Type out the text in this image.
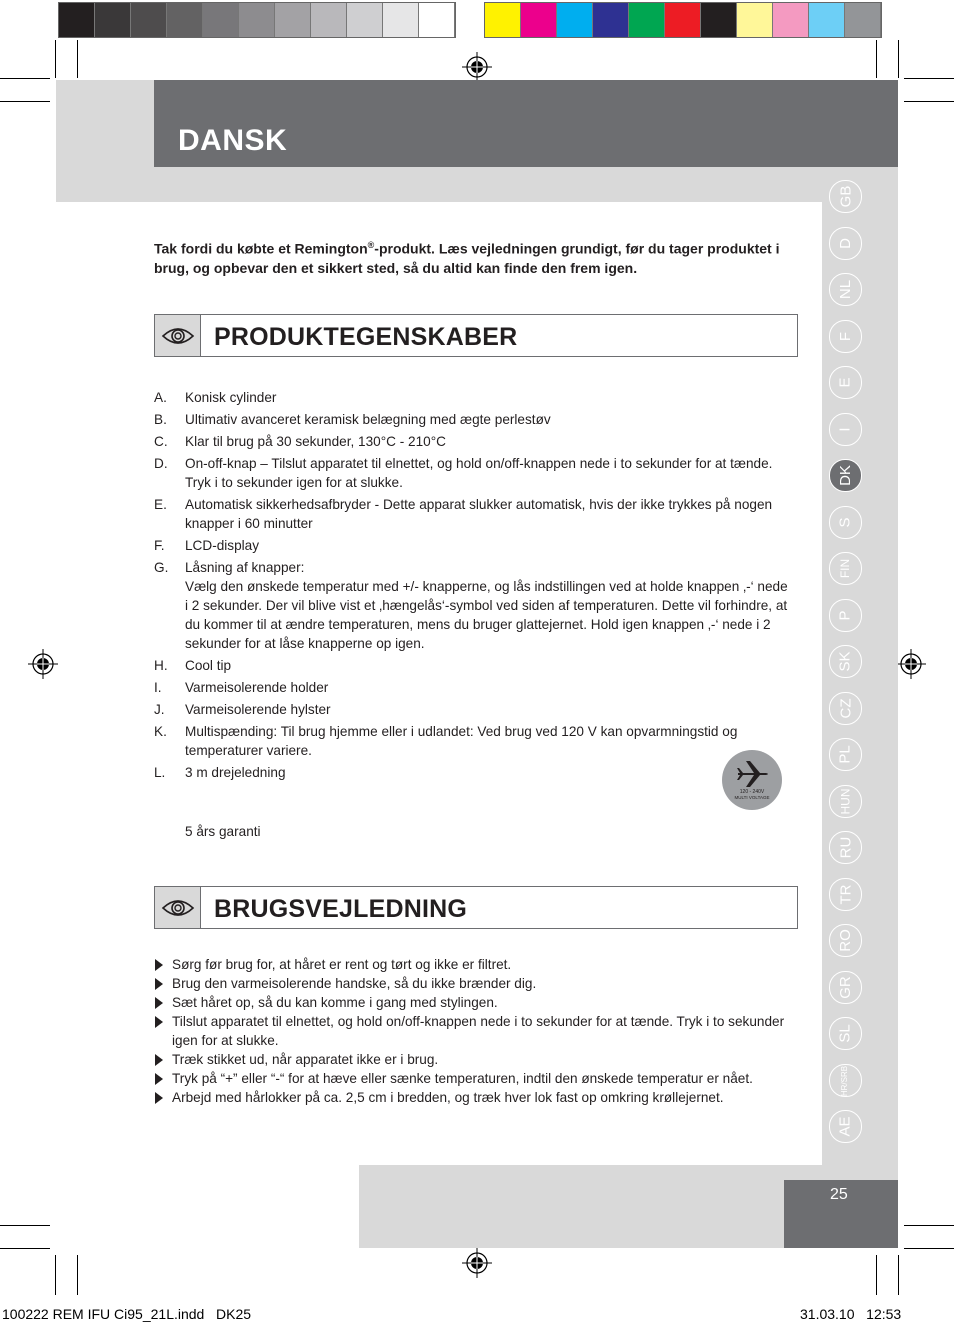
DANSK
Tak fordi du købte et Remington®-produkt. Læs vejledningen grundigt, før du tager produktet i brug, og opbevar den et sikkert sted, så du altid kan finde den frem igen.
PRODUKTEGENSKABER
A. Konisk cylinder
B. Ultimativ avanceret keramisk belægning med ægte perlestøv
C. Klar til brug på 30 sekunder, 130°C - 210°C
D. On-off-knap – Tilslut apparatet til elnettet, og hold on/off-knappen nede i to sekunder for at tænde. Tryk i to sekunder igen for at slukke.
E. Automatisk sikkerhedsafbryder - Dette apparat slukker automatisk, hvis der ikke trykkes på nogen knapper i 60 minutter
F. LCD-display
G. Låsning af knapper:
Vælg den ønskede temperatur med +/- knapperne, og lås indstillingen ved at holde knappen ‚-‘ nede i 2 sekunder. Der vil blive vist et ‚hængelås‘-symbol ved siden af temperaturen. Dette vil forhindre, at du kommer til at ændre temperaturen, mens du bruger glattejernet. Hold igen knappen ‚-‘ nede i 2 sekunder for at låse knapperne op igen.
H. Cool tip
I. Varmeisolerende holder
J. Varmeisolerende hylster
K. Multispænding: Til brug hjemme eller i udlandet: Ved brug ved 120 V kan opvarmningstid og temperaturer variere.
L. 3 m drejeledning
5 års garanti
120 - 240V
MULTI VOLTAGE
BRUGSVEJLEDNING
Sørg før brug for, at håret er rent og tørt og ikke er filtret.
Brug den varmeisolerende handske, så du ikke brænder dig.
Sæt håret op, så du kan komme i gang med stylingen.
Tilslut apparatet til elnettet, og hold on/off-knappen nede i to sekunder for at tænde. Tryk i to sekunder igen for at slukke.
Træk stikket ud, når apparatet ikke er i brug.
Tryk på “+” eller “-“ for at hæve eller sænke temperaturen, indtil den ønskede temperatur er nået.
Arbejd med hårlokker på ca. 2,5 cm i bredden, og træk hver lok fast op omkring krøllejernet.
GB
D
NL
F
E
I
DK
S
FIN
P
SK
CZ
PL
HUN
RU
TR
RO
GR
SL
HR/SRB
AE
25
100222 REM IFU Ci95_21L.indd   DK25	31.03.10   12:53
